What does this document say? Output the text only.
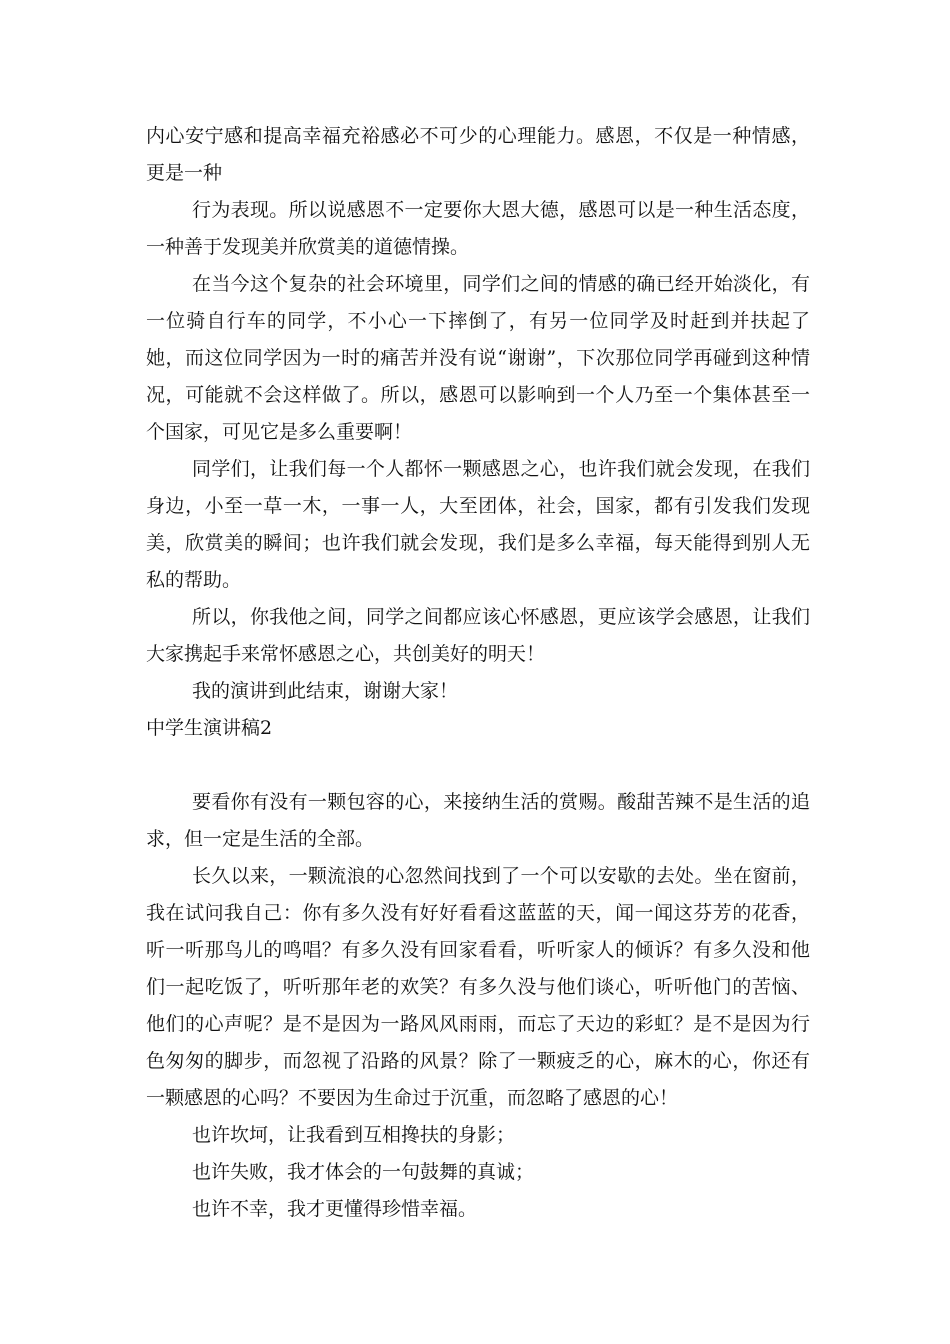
内心安宁感和提高幸福充裕感必不可少的心理能力。感恩，不仅是一种情感，更是一种

行为表现。所以说感恩不一定要你大恩大德，感恩可以是一种生活态度，一种善于发现美并欣赏美的道德情操。

在当今这个复杂的社会环境里，同学们之间的情感的确已经开始淡化，有一位骑自行车的同学，不小心一下摔倒了，有另一位同学及时赶到并扶起了她，而这位同学因为一时的痛苦并没有说“谢谢”，下次那位同学再碰到这种情况，可能就不会这样做了。所以，感恩可以影响到一个人乃至一个集体甚至一个国家，可见它是多么重要啊！

同学们，让我们每一个人都怀一颗感恩之心，也许我们就会发现，在我们身边，小至一草一木，一事一人，大至团体，社会，国家，都有引发我们发现美，欣赏美的瞬间；也许我们就会发现，我们是多么幸福，每天能得到别人无私的帮助。

所以，你我他之间，同学之间都应该心怀感恩，更应该学会感恩，让我们大家携起手来常怀感恩之心，共创美好的明天！

我的演讲到此结束，谢谢大家！

中学生演讲稿2

要看你有没有一颗包容的心，来接纳生活的赏赐。酸甜苦辣不是生活的追求，但一定是生活的全部。

长久以来，一颗流浪的心忽然间找到了一个可以安歇的去处。坐在窗前，我在试问我自己：你有多久没有好好看看这蓝蓝的天，闻一闻这芬芳的花香，听一听那鸟儿的鸣唱？有多久没有回家看看，听听家人的倾诉？有多久没和他们一起吃饭了，听听那年老的欢笑？有多久没与他们谈心，听听他门的苦恼、他们的心声呢？是不是因为一路风风雨雨，而忘了天边的彩虹？是不是因为行色匆匆的脚步，而忽视了沿路的风景？除了一颗疲乏的心，麻木的心，你还有一颗感恩的心吗？不要因为生命过于沉重，而忽略了感恩的心！

也许坎坷，让我看到互相搀扶的身影；

也许失败，我才体会的一句鼓舞的真诚；

也许不幸，我才更懂得珍惜幸福。
